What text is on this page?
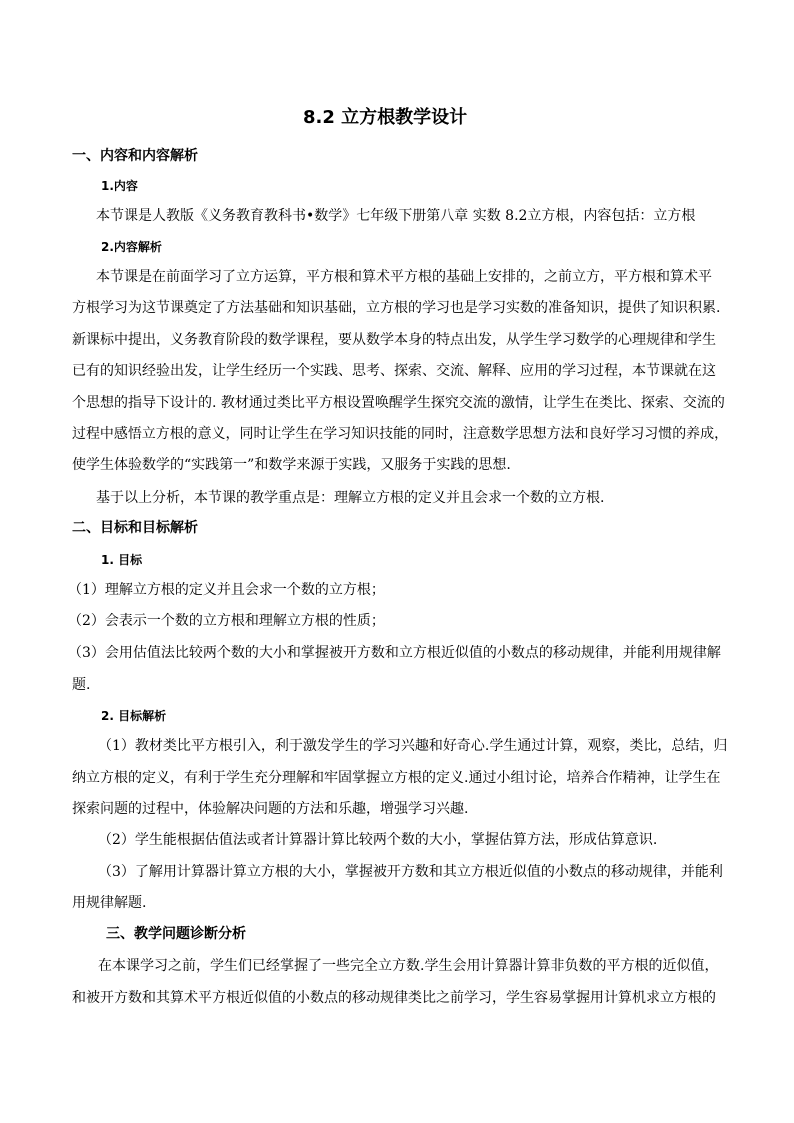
8.2 立方根教学设计
一、内容和内容解析
1.内容
本节课是人教版《义务教育教科书•数学》七年级下册第八章 实数 8.2立方根，内容包括：立方根
2.内容解析
本节课是在前面学习了立方运算，平方根和算术平方根的基础上安排的，之前立方，平方根和算术平
方根学习为这节课奠定了方法基础和知识基础，立方根的学习也是学习实数的准备知识，提供了知识积累.
新课标中提出，义务教育阶段的数学课程，要从数学本身的特点出发，从学生学习数学的心理规律和学生
已有的知识经验出发，让学生经历一个实践、思考、探索、交流、解释、应用的学习过程，本节课就在这
个思想的指导下设计的. 教材通过类比平方根设置唤醒学生探究交流的激情，让学生在类比、探索、交流的
过程中感悟立方根的意义，同时让学生在学习知识技能的同时，注意数学思想方法和良好学习习惯的养成，
使学生体验数学的“实践第一”和数学来源于实践，又服务于实践的思想.
基于以上分析，本节课的教学重点是：理解立方根的定义并且会求一个数的立方根.
二、目标和目标解析
1. 目标
（1）理解立方根的定义并且会求一个数的立方根；
（2）会表示一个数的立方根和理解立方根的性质；
（3）会用估值法比较两个数的大小和掌握被开方数和立方根近似值的小数点的移动规律，并能利用规律解
题.
2. 目标解析
（1）教材类比平方根引入，利于激发学生的学习兴趣和好奇心.学生通过计算，观察，类比，总结，归
纳立方根的定义，有利于学生充分理解和牢固掌握立方根的定义.通过小组讨论，培养合作精神，让学生在
探索问题的过程中，体验解决问题的方法和乐趣，增强学习兴趣.
（2）学生能根据估值法或者计算器计算比较两个数的大小，掌握估算方法，形成估算意识.
（3）了解用计算器计算立方根的大小，掌握被开方数和其立方根近似值的小数点的移动规律，并能利
用规律解题.
三、教学问题诊断分析
在本课学习之前，学生们已经掌握了一些完全立方数.学生会用计算器计算非负数的平方根的近似值，
和被开方数和其算术平方根近似值的小数点的移动规律类比之前学习，学生容易掌握用计算机求立方根的
